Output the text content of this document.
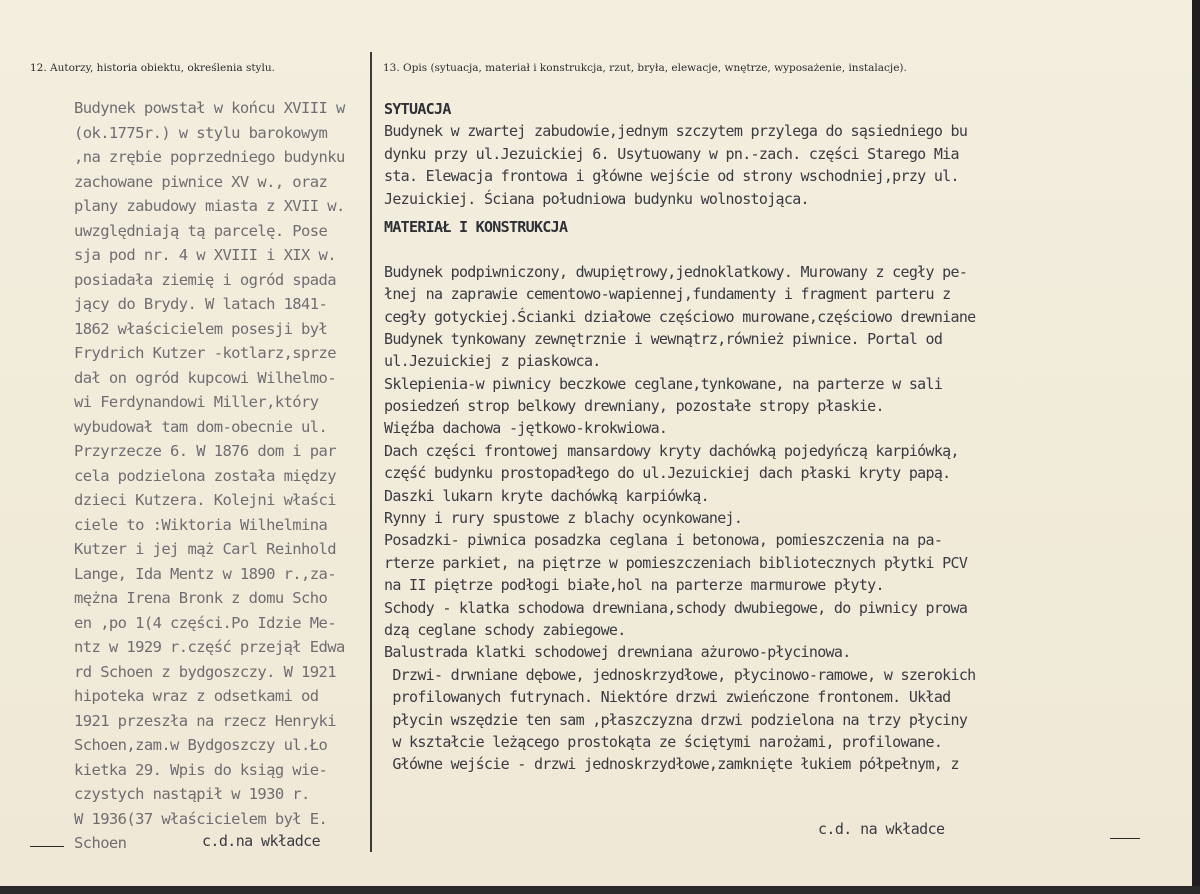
12. Autorzy, historia obiektu, określenia stylu.	13. Opis (sytuacja, materiał i konstrukcja, rzut, bryła, elewacje, wnętrze, wyposażenie, instalacje).
Budynek powstał w końcu XVIII w
(ok.1775r.) w stylu barokowym
,na zrębie poprzedniego budynku
zachowane piwnice XV w., oraz
plany zabudowy miasta z XVII w.
uwzględniają tą parcelę. Pose
sja pod nr. 4 w XVIII i XIX w.
posiadała ziemię i ogród spada
jący do Brydy. W latach 1841-
1862 właścicielem posesji był
Frydrich Kutzer -kotlarz,sprze
dał on ogród kupcowi Wilhelmo-
wi Ferdynandowi Miller,który
wybudował tam dom-obecnie ul.
Przyrzecze 6. W 1876 dom i par
cela podzielona została między
dzieci Kutzera. Kolejni właści
ciele to :Wiktoria Wilhelmina
Kutzer i jej mąż Carl Reinhold
Lange, Ida Mentz w 1890 r.,za-
mężna Irena Bronk z domu Scho
en ,po 1(4 części.Po Idzie Me-
ntz w 1929 r.część przejął Edwa
rd Schoen z bydgoszczy. W 1921
hipoteka wraz z odsetkami od
1921 przeszła na rzecz Henryki
Schoen,zam.w Bydgoszczy ul.Ło
kietka 29. Wpis do ksiąg wie-
czystych nastąpił w 1930 r.
W 1936(37 właścicielem był E.
Schoen
SYTUACJA
Budynek w zwartej zabudowie,jednym szczytem przylega do sąsiedniego bu
dynku przy ul.Jezuickiej 6. Usytuowany w pn.-zach. części Starego Mia
sta. Elewacja frontowa i główne wejście od strony wschodniej,przy ul.
Jezuickiej. Ściana południowa budynku wolnostojąca.
MATERIAŁ I KONSTRUKCJA
Budynek podpiwniczony, dwupiętrowy,jednoklatkowy. Murowany z cegły pe-
łnej na zaprawie cementowo-wapiennej,fundamenty i fragment parteru z
cegły gotyckiej.Ścianki działowe częściowo murowane,częściowo drewniane
Budynek tynkowany zewnętrznie i wewnątrz,również piwnice. Portal od
ul.Jezuickiej z piaskowca.
Sklepienia-w piwnicy beczkowe ceglane,tynkowane, na parterze w sali
posiedzeń strop belkowy drewniany, pozostałe stropy płaskie.
Więźba dachowa -jętkowo-krokwiowa.
Dach części frontowej mansardowy kryty dachówką pojedyńczą karpiówką,
część budynku prostopadłego do ul.Jezuickiej dach płaski kryty papą.
Daszki lukarn kryte dachówką karpiówką.
Rynny i rury spustowe z blachy ocynkowanej.
Posadzki- piwnica posadzka ceglana i betonowa, pomieszczenia na pa-
rterze parkiet, na piętrze w pomieszczeniach bibliotecznych płytki PCV
na II piętrze podłogi białe,hol na parterze marmurowe płyty.
Schody - klatka schodowa drewniana,schody dwubiegowe, do piwnicy prowa
dzą ceglane schody zabiegowe.
Balustrada klatki schodowej drewniana ażurowo-płycinowa.
Drzwi- drwniane dębowe, jednoskrzydłowe, płycinowo-ramowe, w szerokich
profilowanych futrynach. Niektóre drzwi zwieńczone frontonem. Układ
płycin wszędzie ten sam ,płaszczyzna drzwi podzielona na trzy płyciny
w kształcie leżącego prostokąta ze ściętymi narożami, profilowane.
Główne wejście - drzwi jednoskrzydłowe,zamknięte łukiem półpełnym, z
c.d.na wkładce
c.d. na wkładce
